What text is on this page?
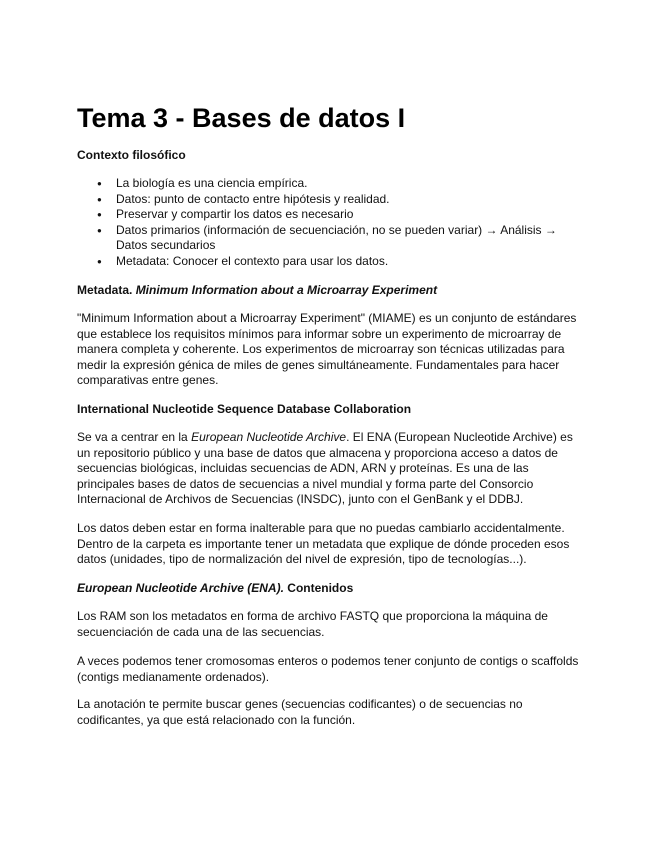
Tema 3 - Bases de datos I

Contexto filosófico

● La biología es una ciencia empírica.
● Datos: punto de contacto entre hipótesis y realidad.
● Preservar y compartir los datos es necesario
● Datos primarios (información de secuenciación, no se pueden variar) → Análisis → Datos secundarios
● Metadata: Conocer el contexto para usar los datos.

Metadata. Minimum Information about a Microarray Experiment

"Minimum Information about a Microarray Experiment" (MIAME) es un conjunto de estándares que establece los requisitos mínimos para informar sobre un experimento de microarray de manera completa y coherente. Los experimentos de microarray son técnicas utilizadas para medir la expresión génica de miles de genes simultáneamente. Fundamentales para hacer comparativas entre genes.

International Nucleotide Sequence Database Collaboration

Se va a centrar en la European Nucleotide Archive. El ENA (European Nucleotide Archive) es un repositorio público y una base de datos que almacena y proporciona acceso a datos de secuencias biológicas, incluidas secuencias de ADN, ARN y proteínas. Es una de las principales bases de datos de secuencias a nivel mundial y forma parte del Consorcio Internacional de Archivos de Secuencias (INSDC), junto con el GenBank y el DDBJ.

Los datos deben estar en forma inalterable para que no puedas cambiarlo accidentalmente. Dentro de la carpeta es importante tener un metadata que explique de dónde proceden esos datos (unidades, tipo de normalización del nivel de expresión, tipo de tecnologías...).

European Nucleotide Archive (ENA). Contenidos

Los RAM son los metadatos en forma de archivo FASTQ que proporciona la máquina de secuenciación de cada una de las secuencias.

A veces podemos tener cromosomas enteros o podemos tener conjunto de contigs o scaffolds (contigs medianamente ordenados).

La anotación te permite buscar genes (secuencias codificantes) o de secuencias no codificantes, ya que está relacionado con la función.
